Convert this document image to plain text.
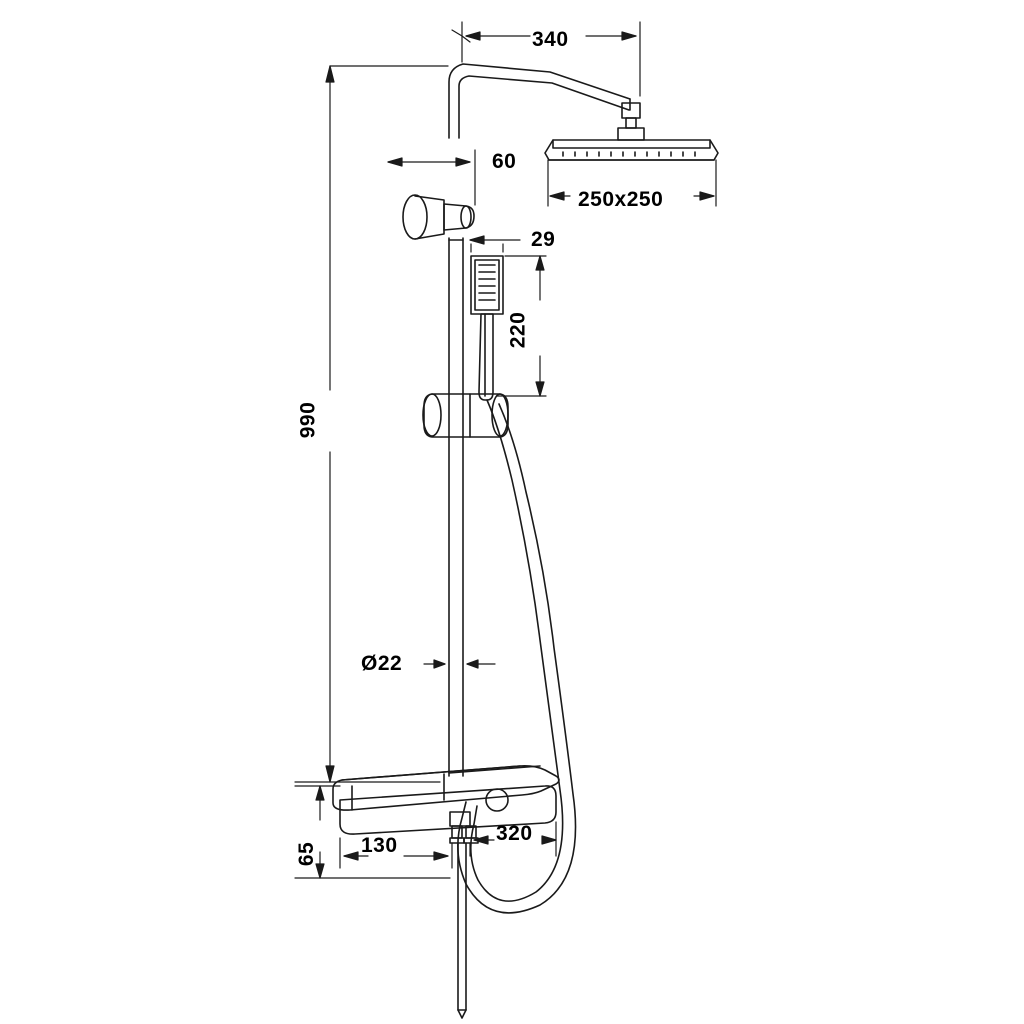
340
250x250
60
29
220
990
Ø22
65 130
320
